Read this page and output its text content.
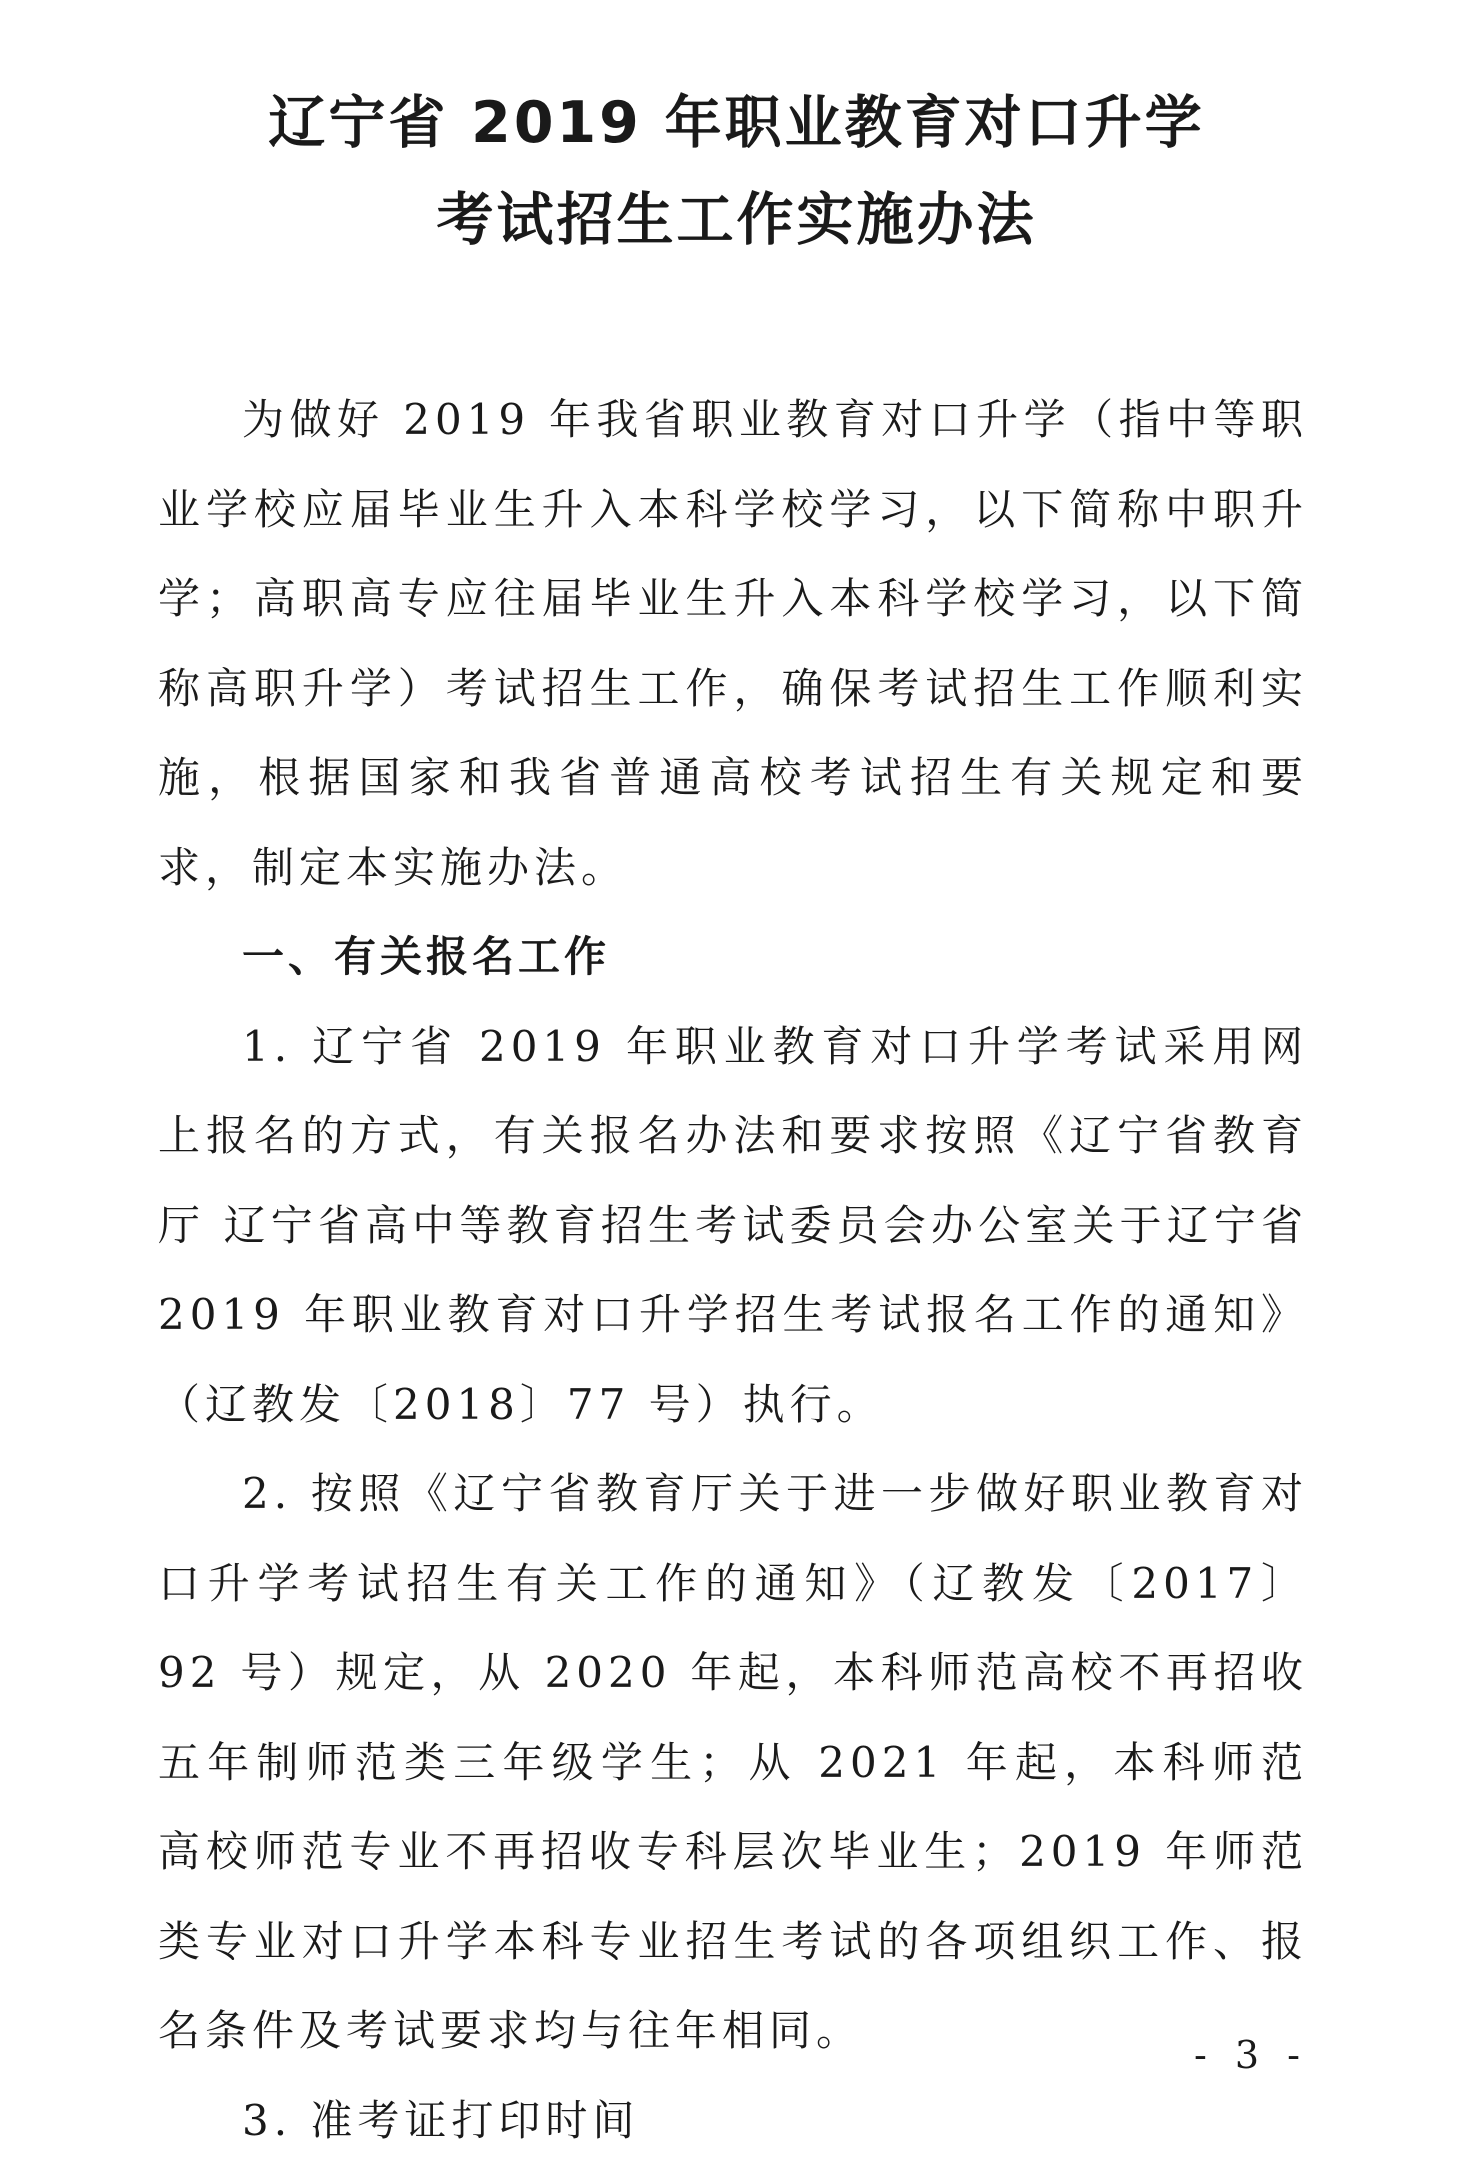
辽宁省 2019 年职业教育对口升学
考试招生工作实施办法

为做好 2019 年我省职业教育对口升学（指中等职业学校应届毕业生升入本科学校学习，以下简称中职升学；高职高专应往届毕业生升入本科学校学习，以下简称高职升学）考试招生工作，确保考试招生工作顺利实施，根据国家和我省普通高校考试招生有关规定和要求，制定本实施办法。

一、有关报名工作

1. 辽宁省 2019 年职业教育对口升学考试采用网上报名的方式，有关报名办法和要求按照《辽宁省教育厅 辽宁省高中等教育招生考试委员会办公室关于辽宁省 2019 年职业教育对口升学招生考试报名工作的通知》（辽教发〔2018〕77 号）执行。

2. 按照《辽宁省教育厅关于进一步做好职业教育对口升学考试招生有关工作的通知》（辽教发〔2017〕92 号）规定，从 2020 年起，本科师范高校不再招收五年制师范类三年级学生；从 2021 年起，本科师范高校师范专业不再招收专科层次毕业生；2019 年师范类专业对口升学本科专业招生考试的各项组织工作、报名条件及考试要求均与往年相同。

3. 准考证打印时间

- 3 -
